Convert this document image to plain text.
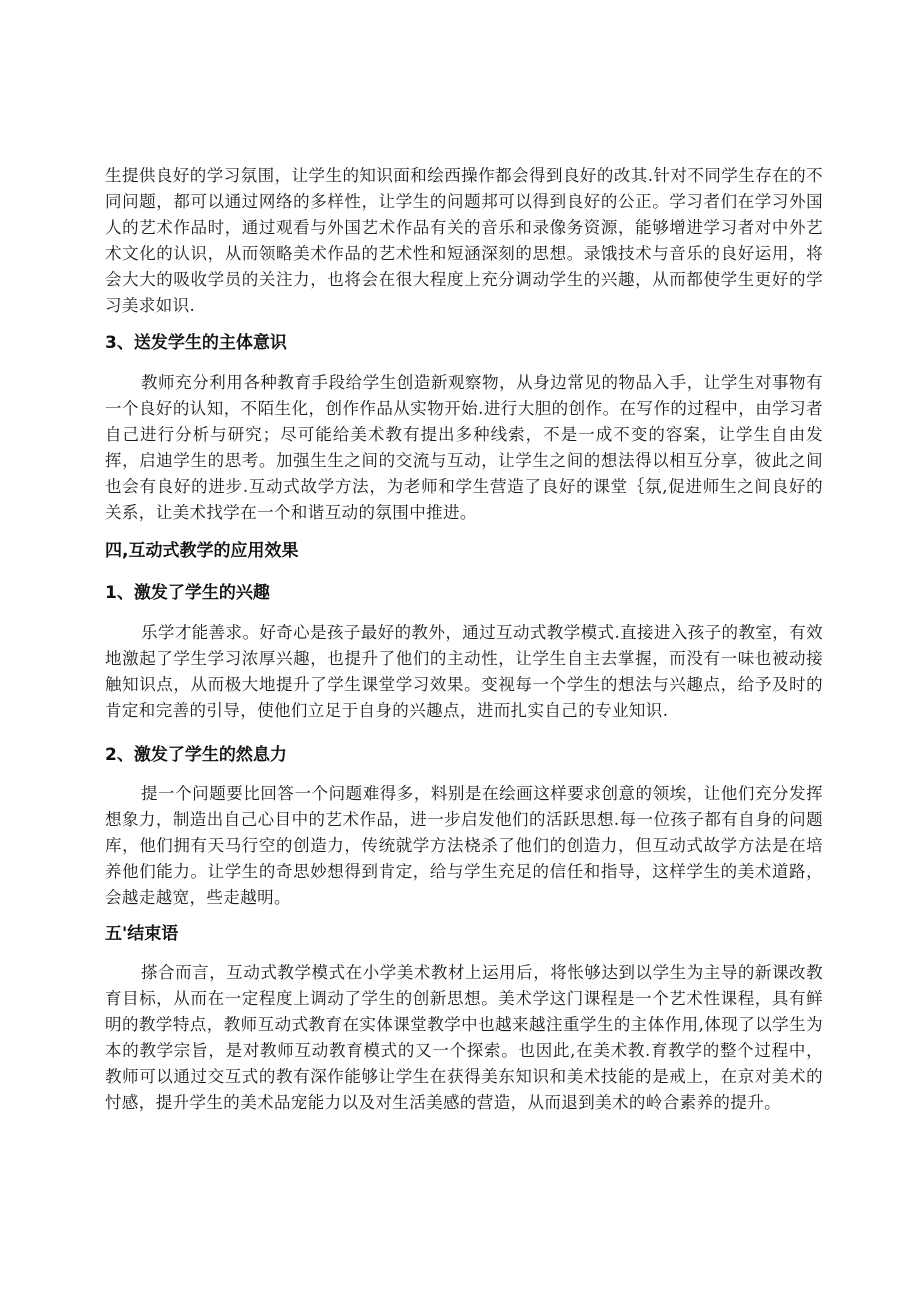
生提供良好的学习氛围，让学生的知识面和绘西操作都会得到良好的改其.针对不同学生存在的不同问题，都可以通过网络的多样性，让学生的问题邦可以得到良好的公正。学习者们在学习外国人的艺术作品时，通过观看与外国艺术作品有关的音乐和录像务资源，能够增进学习者对中外艺术文化的认识，从而领略美术作品的艺术性和短涵深刻的思想。录饿技术与音乐的良好运用，将会大大的吸收学员的关注力，也将会在很大程度上充分调动学生的兴趣，从而都使学生更好的学习美求如识.

3、送发学生的主体意识

教师充分利用各种教育手段给学生创造新观察物，从身边常见的物品入手，让学生对事物有一个良好的认知，不陌生化，创作作品从实物开始.进行大胆的创作。在写作的过程中，由学习者自己进行分析与研究；尽可能给美术教有提出多种线索，不是一成不变的容案，让学生自由发挥，启迪学生的思考。加强生生之间的交流与互动，让学生之间的想法得以相互分享，彼此之间也会有良好的进步.互动式故学方法，为老师和学生营造了良好的课堂｛氛,促进师生之间良好的关系，让美术找学在一个和谐互动的氛围中推进。

四,互动式教学的应用效果
1、激发了学生的兴趣

乐学才能善求。好奇心是孩子最好的教外，通过互动式教学模式.直接进入孩子的教室，有效地激起了学生学习浓厚兴趣，也提升了他们的主动性，让学生自主去掌握，而没有一味也被动接触知识点，从而极大地提升了学生课堂学习效果。变视每一个学生的想法与兴趣点，给予及时的肯定和完善的引导，使他们立足于自身的兴趣点，进而扎实自己的专业知识.

2、激发了学生的然息力

提一个问题要比回答一个问题难得多，料别是在绘画这样要求创意的领埃，让他们充分发挥想象力，制造出自己心目中的艺术作品，进一步启发他们的活跃思想.每一位孩子都有自身的问题库，他们拥有天马行空的创造力，传统就学方法桡杀了他们的创造力，但互动式故学方法是在培养他们能力。让学生的奇思妙想得到肯定，给与学生充足的信任和指导，这样学生的美术道路，会越走越宽，些走越明。

五'结束语

搽合而言，互动式教学模式在小学美术教材上运用后，将怅够达到以学生为主导的新课改教育目标，从而在一定程度上调动了学生的创新思想。美术学这门课程是一个艺术性课程，具有鲜明的教学特点，教师互动式教育在实体课堂教学中也越来越注重学生的主体作用,体现了以学生为本的教学宗旨，是对教师互动教育模式的又一个探索。也因此,在美术教.育教学的整个过程中，教师可以通过交互式的教有深作能够让学生在获得美东知识和美术技能的是戒上，在京对美术的忖感，提升学生的美术品宠能力以及对生活美感的营造，从而退到美术的岭合素养的提升。
